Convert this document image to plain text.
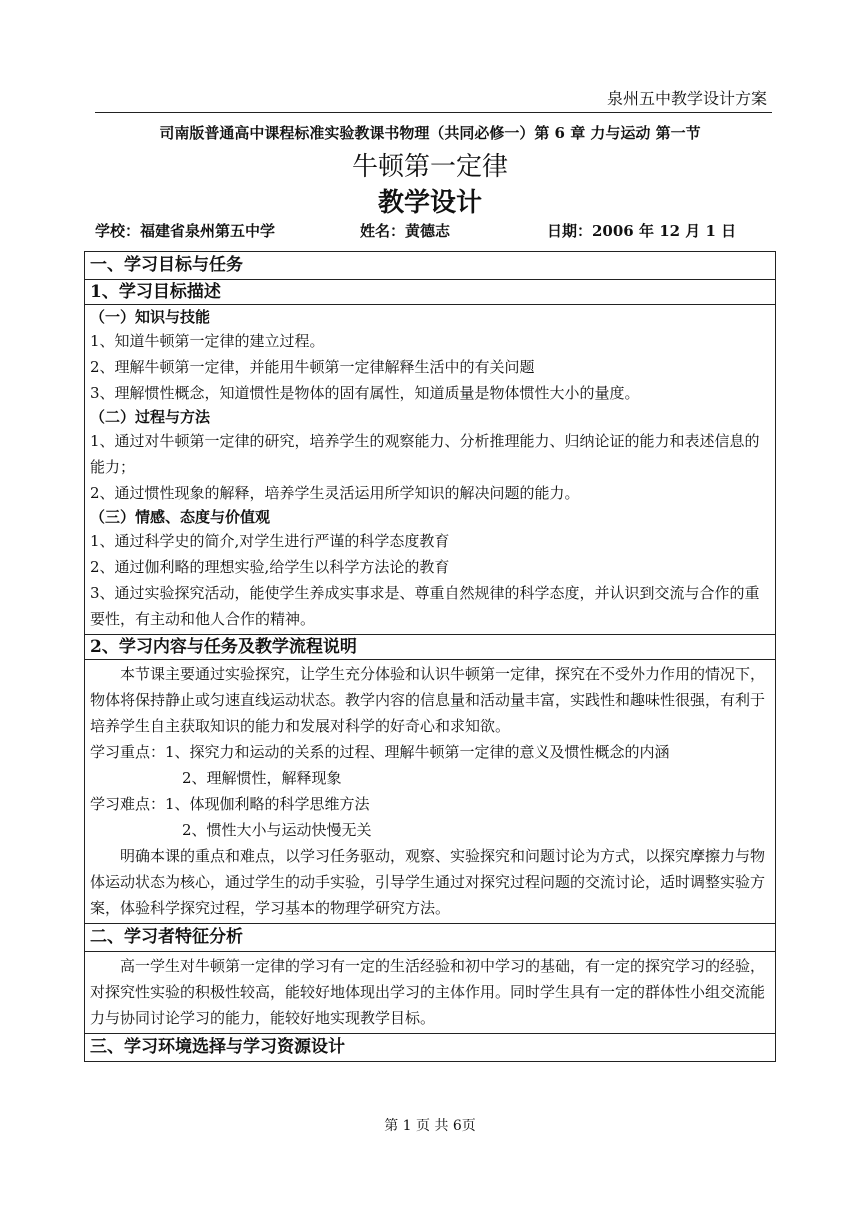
泉州五中教学设计方案
司南版普通高中课程标准实验教课书物理（共同必修一）第 6 章 力与运动 第一节
牛顿第一定律
教学设计
学校：福建省泉州第五中学	姓名：黄德志	日期：2006 年 12 月 1 日
一、学习目标与任务
1、学习目标描述

（一）知识与技能

1、知道牛顿第一定律的建立过程。

2、理解牛顿第一定律，并能用牛顿第一定律解释生活中的有关问题

3、理解惯性概念，知道惯性是物体的固有属性，知道质量是物体惯性大小的量度。

（二）过程与方法

1、通过对牛顿第一定律的研究，培养学生的观察能力、分析推理能力、归纳论证的能力和表述信息的能力；

2、通过惯性现象的解释，培养学生灵活运用所学知识的解决问题的能力。

（三）情感、态度与价值观

1、通过科学史的简介,对学生进行严谨的科学态度教育

2、通过伽利略的理想实验,给学生以科学方法论的教育

3、通过实验探究活动，能使学生养成实事求是、尊重自然规律的科学态度，并认识到交流与合作的重要性，有主动和他人合作的精神。

2、学习内容与任务及教学流程说明

本节课主要通过实验探究，让学生充分体验和认识牛顿第一定律，探究在不受外力作用的情况下，物体将保持静止或匀速直线运动状态。教学内容的信息量和活动量丰富，实践性和趣味性很强，有利于培养学生自主获取知识的能力和发展对科学的好奇心和求知欲。

学习重点：1、探究力和运动的关系的过程、理解牛顿第一定律的意义及惯性概念的内涵

2、理解惯性，解释现象

学习难点：1、体现伽利略的科学思维方法

2、惯性大小与运动快慢无关

明确本课的重点和难点，以学习任务驱动，观察、实验探究和问题讨论为方式，以探究摩擦力与物体运动状态为核心，通过学生的动手实验，引导学生通过对探究过程问题的交流讨论，适时调整实验方案，体验科学探究过程，学习基本的物理学研究方法。

二、学习者特征分析

高一学生对牛顿第一定律的学习有一定的生活经验和初中学习的基础，有一定的探究学习的经验，对探究性实验的积极性较高，能较好地体现出学习的主体作用。同时学生具有一定的群体性小组交流能力与协同讨论学习的能力，能较好地实现教学目标。

三、学习环境选择与学习资源设计
第 1 页 共 6页
